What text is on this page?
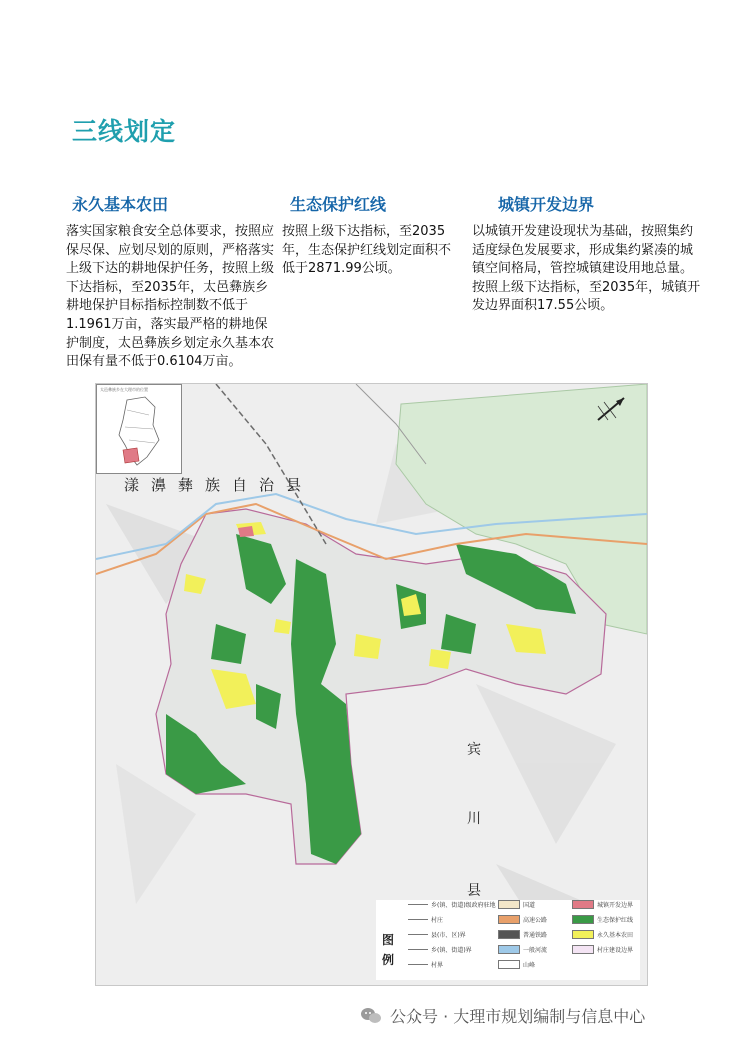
三线划定
永久基本农田

落实国家粮食安全总体要求，按照应保尽保、应划尽划的原则，严格落实上级下达的耕地保护任务，按照上级下达指标，至2035年，太邑彝族乡耕地保护目标指标控制数不低于1.1961万亩，落实最严格的耕地保护制度，太邑彝族乡划定永久基本农田保有量不低于0.6104万亩。

生态保护红线

按照上级下达指标，至2035年，生态保护红线划定面积不低于2871.99公顷。

城镇开发边界

以城镇开发建设现状为基础，按照集约适度绿色发展要求，形成集约紧凑的城镇空间格局，管控城镇建设用地总量。按照上级下达指标，至2035年，城镇开发边界面积17.55公顷。

太邑彝族乡在大理市的位置
漾濞彝族自治县
宾
川
县
图例
乡(镇、街道)级政府驻地
村庄
县(市、区)界
乡(镇、街道)界
村界
国道
高速公路
普通铁路
一般河流
山峰
城镇开发边界
生态保护红线
永久基本农田
村庄建设边界
公众号 · 大理市规划编制与信息中心
